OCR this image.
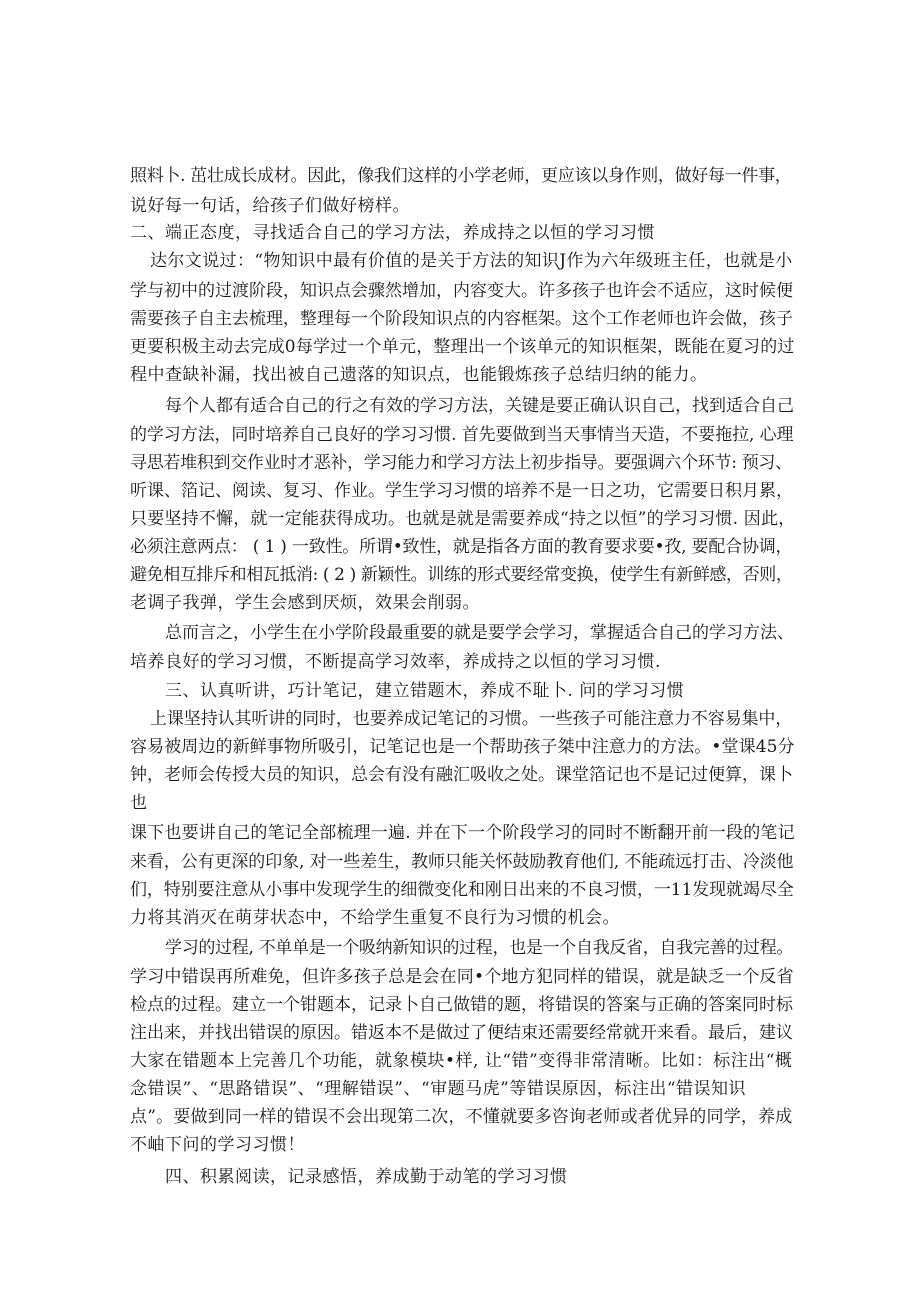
照料卜. 茁壮成长成材。因此，像我们这样的小学老师，更应该以身作则，做好每一件事，

说好每一句话，给孩子们做好榜样。

二、端正态度，寻找适合自己的学习方法，养成持之以恒的学习习惯

达尔文说过：“物知识中最有价值的是关于方法的知识J作为六年级班主任，也就是小

学与初中的过渡阶段，知识点会骤然增加，内容变大。许多孩子也许会不适应，这时候便

需要孩子自主去梳理，整理每一个阶段知识点的内容框架。这个工作老师也许会做，孩子

更要积极主动去完成0每学过一个单元，整理出一个该单元的知识框架，既能在夏习的过

程中查缺补漏，找出被自己遗落的知识点，也能锻炼孩子总结归纳的能力。

每个人都有适合自己的行之有效的学习方法，关键是要正确认识自己，找到适合自己

的学习方法，同时培养自己良好的学习习惯. 首先要做到当天事情当天造，不要拖拉, 心理

寻思若堆积到交作业时才恶补，学习能力和学习方法上初步指导。要强调六个环节: 预习、

听课、箔记、阅读、复习、作业。学生学习习惯的培养不是一日之功，它需要日积月累，

只要坚持不懈，就一定能获得成功。也就是就是需要养成“持之以恒”的学习习惯. 因此，

必须注意两点： ( 1 ) 一致性。所谓•致性，就是指各方面的教育要求要•孜, 要配合协调，

避免相互排斥和相瓦抵消: ( 2 ) 新颖性。训练的形式要经常变换，使学生有新鲜感，否则，

老调子我弹，学生会感到厌烦，效果会削弱。

总而言之，小学生在小学阶段最重要的就是要学会学习，掌握适合自己的学习方法、

培养良好的学习习惯，不断提高学习效率，养成持之以恒的学习习惯.

三、认真听讲，巧计笔记，建立错题木，养成不耻卜. 问的学习习惯

上课坚持认其听讲的同时，也要养成记笔记的习惯。一些孩子可能注意力不容易集中，

容易被周边的新鲜事物所吸引，记笔记也是一个帮助孩子桀中注意力的方法。•堂课45分

钟，老师会传授大员的知识，总会有没有融汇吸收之处。课堂箔记也不是记过便算，课卜

也

课下也要讲自己的笔记全部梳理一遍. 并在下一个阶段学习的同时不断翻开前一段的笔记

来看，公有更深的印象, 对一些差生，教师只能关怀鼓励教育他们, 不能疏远打击、冷淡他

们，特别要注意从小事中发现学生的细微变化和刚日出来的不良习惯，一11发现就竭尽全

力将其消灭在萌芽状态中，不给学生重复不良行为习惯的机会。

学习的过程, 不单单是一个吸纳新知识的过程，也是一个自我反省，自我完善的过程。

学习中错误再所难免，但许多孩子总是会在同•个地方犯同样的错误，就是缺乏一个反省

检点的过程。建立一个钳题本，记录卜自己做错的题，将错误的答案与正确的答案同时标

注出来，并找出错误的原因。错返本不是做过了便结束还需要经常就开来看。最后，建议

大家在错题本上完善几个功能，就象模块•样, 让“错”变得非常清晰。比如：标注出“概

念错误”、“思路错误”、“理解错误”、“审题马虎”等错误原因，标注出“错误知识

点”。要做到同一样的错误不会出现第二次，不懂就要多咨询老师或者优异的同学，养成

不岫下问的学习习惯！

四、积累阅读，记录感悟，养成勤于动笔的学习习惯
